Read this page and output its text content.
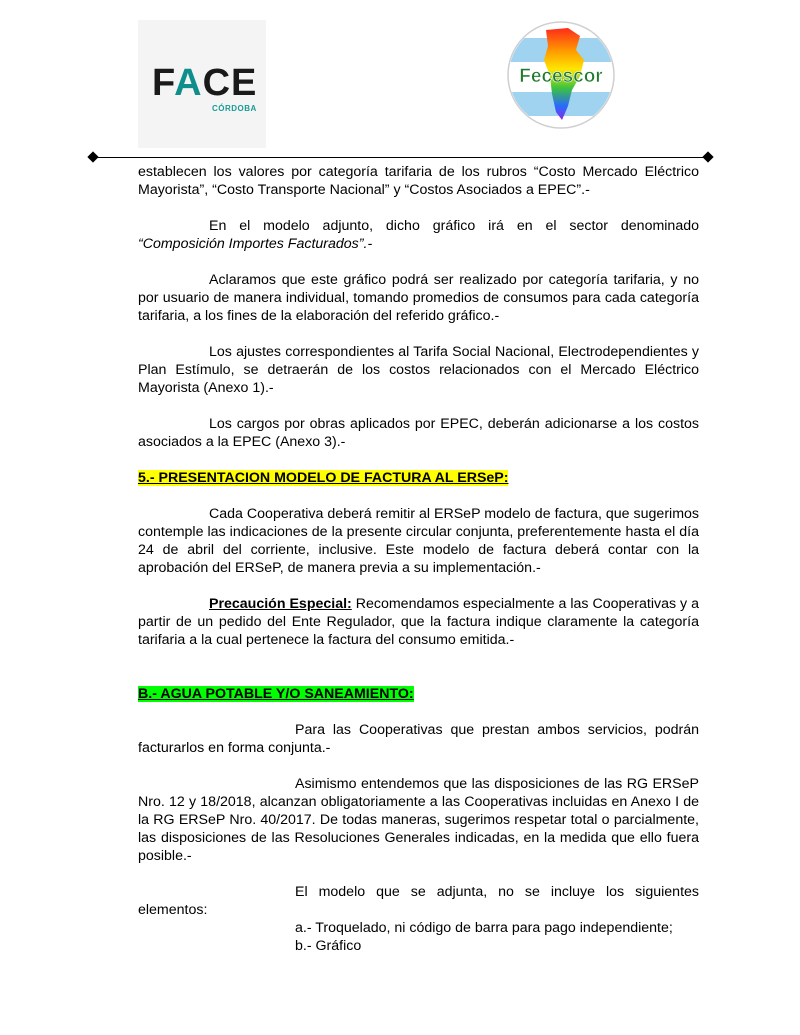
FACE
CÓRDOBA
Fecescor

establecen los valores por categoría tarifaria de los rubros “Costo Mercado Eléctrico Mayorista”, “Costo Transporte Nacional” y “Costos Asociados a EPEC”.-

En el modelo adjunto, dicho gráfico irá en el sector denominado “Composición Importes Facturados”.-

Aclaramos que este gráfico podrá ser realizado por categoría tarifaria, y no por usuario de manera individual, tomando promedios de consumos para cada categoría tarifaria, a los fines de la elaboración del referido gráfico.-

Los ajustes correspondientes al Tarifa Social Nacional, Electrodependientes y Plan Estímulo, se detraerán de los costos relacionados con el Mercado Eléctrico Mayorista (Anexo 1).-

Los cargos por obras aplicados por EPEC, deberán adicionarse a los costos asociados a la EPEC (Anexo 3).-

5.- PRESENTACION MODELO DE FACTURA AL ERSeP:

Cada Cooperativa deberá remitir al ERSeP modelo de factura, que sugerimos contemple las indicaciones de la presente circular conjunta, preferentemente hasta el día 24 de abril del corriente, inclusive. Este modelo de factura deberá contar con la aprobación del ERSeP, de manera previa a su implementación.-

Precaución Especial: Recomendamos especialmente a las Cooperativas y a partir de un pedido del Ente Regulador, que la factura indique claramente la categoría tarifaria a la cual pertenece la factura del consumo emitida.-

B.- AGUA POTABLE Y/O SANEAMIENTO:

Para las Cooperativas que prestan ambos servicios, podrán facturarlos en forma conjunta.-

Asimismo entendemos que las disposiciones de las RG ERSeP Nro. 12 y 18/2018, alcanzan obligatoriamente a las Cooperativas incluidas en Anexo I de la RG ERSeP Nro. 40/2017. De todas maneras, sugerimos respetar total o parcialmente, las disposiciones de las Resoluciones Generales indicadas, en la medida que ello fuera posible.-

El modelo que se adjunta, no se incluye los siguientes elementos:

a.- Troquelado, ni código de barra para pago independiente;

b.- Gráfico
